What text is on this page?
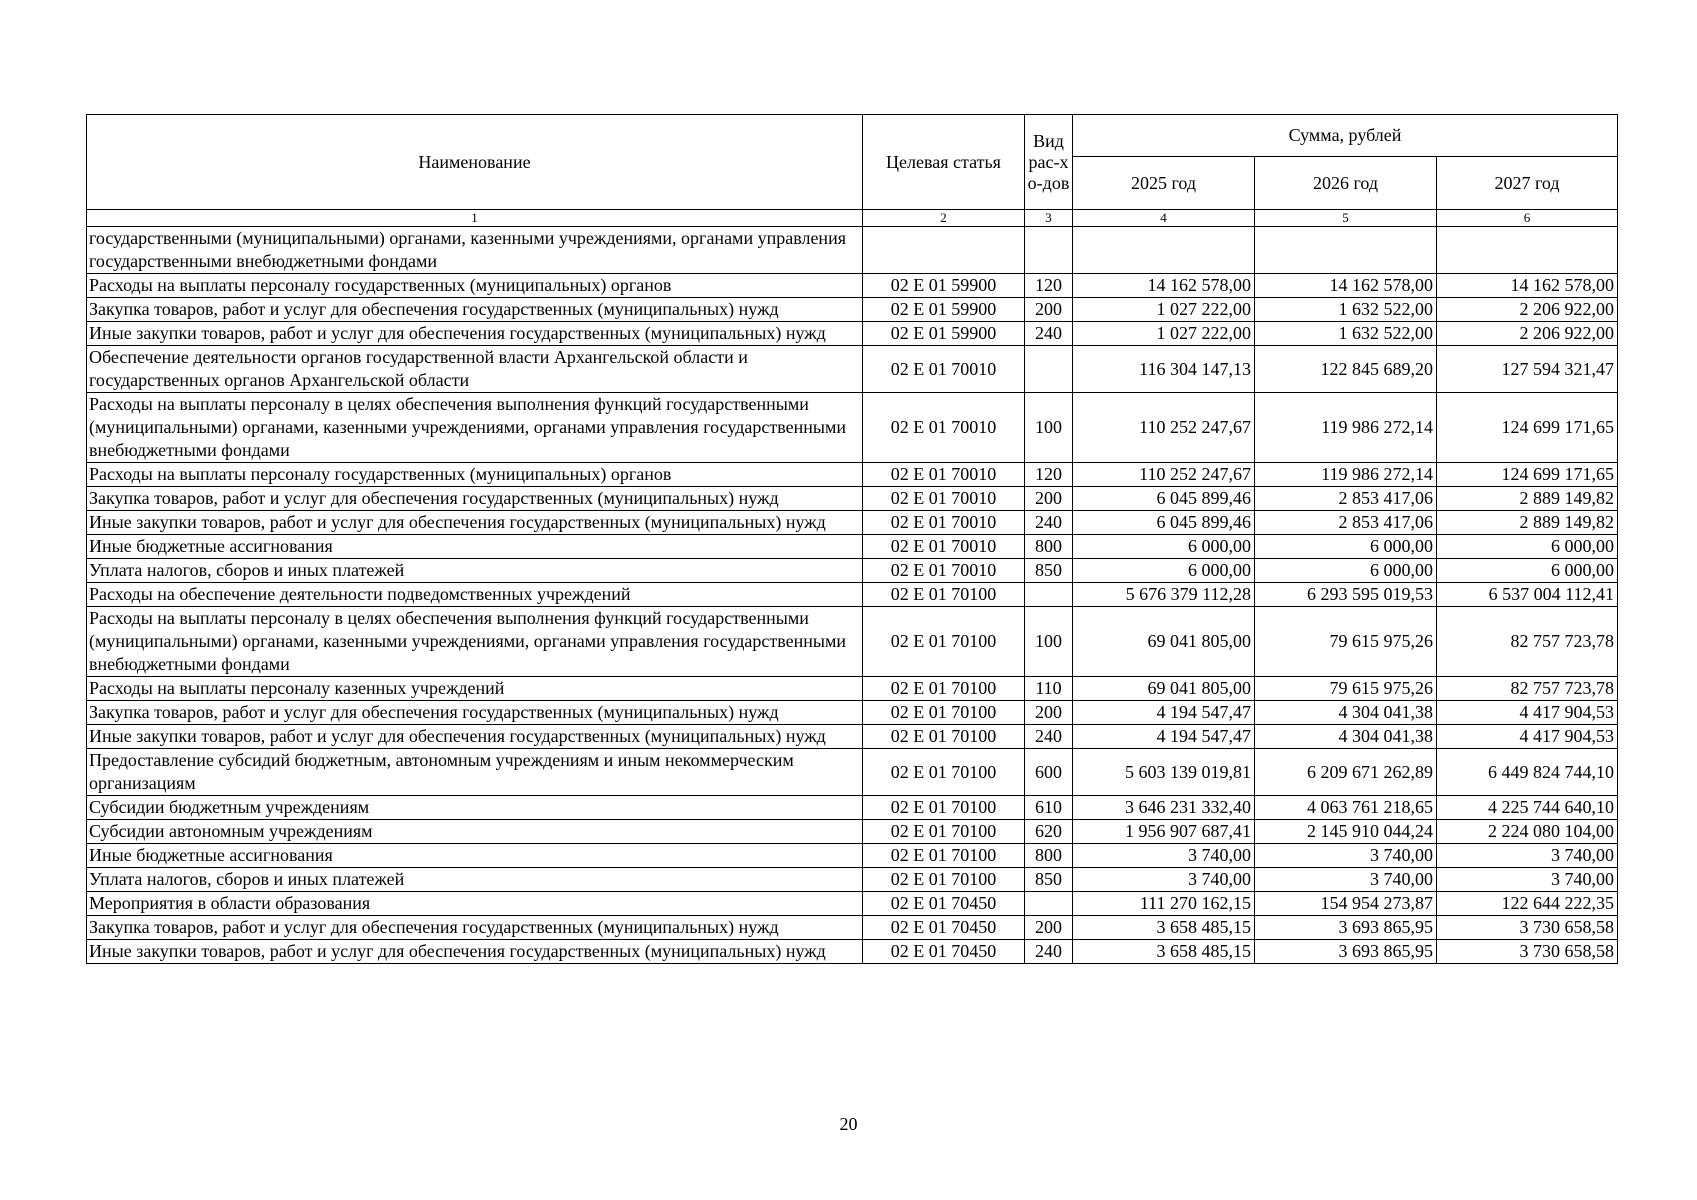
Наименование	Целевая статья	Вид рас-хо-дов	Сумма, рублей		
			2025 год	2026 год	2027 год
1	2	3	4	5	6
государственными (муниципальными) органами, казенными учреждениями, органами управления государственными внебюджетными фондами					
Расходы на выплаты персоналу государственных (муниципальных) органов	02 Е 01 59900	120	14 162 578,00	14 162 578,00	14 162 578,00
Закупка товаров, работ и услуг для обеспечения государственных (муниципальных) нужд	02 Е 01 59900	200	1 027 222,00	1 632 522,00	2 206 922,00
Иные закупки товаров, работ и услуг для обеспечения государственных (муниципальных) нужд	02 Е 01 59900	240	1 027 222,00	1 632 522,00	2 206 922,00
Обеспечение деятельности органов государственной власти Архангельской области и государственных органов Архангельской области	02 Е 01 70010		116 304 147,13	122 845 689,20	127 594 321,47
Расходы на выплаты персоналу в целях обеспечения выполнения функций государственными (муниципальными) органами, казенными учреждениями, органами управления государственными внебюджетными фондами	02 Е 01 70010	100	110 252 247,67	119 986 272,14	124 699 171,65
Расходы на выплаты персоналу государственных (муниципальных) органов	02 Е 01 70010	120	110 252 247,67	119 986 272,14	124 699 171,65
Закупка товаров, работ и услуг для обеспечения государственных (муниципальных) нужд	02 Е 01 70010	200	6 045 899,46	2 853 417,06	2 889 149,82
Иные закупки товаров, работ и услуг для обеспечения государственных (муниципальных) нужд	02 Е 01 70010	240	6 045 899,46	2 853 417,06	2 889 149,82
Иные бюджетные ассигнования	02 Е 01 70010	800	6 000,00	6 000,00	6 000,00
Уплата налогов, сборов и иных платежей	02 Е 01 70010	850	6 000,00	6 000,00	6 000,00
Расходы на обеспечение деятельности подведомственных учреждений	02 Е 01 70100		5 676 379 112,28	6 293 595 019,53	6 537 004 112,41
Расходы на выплаты персоналу в целях обеспечения выполнения функций государственными (муниципальными) органами, казенными учреждениями, органами управления государственными внебюджетными фондами	02 Е 01 70100	100	69 041 805,00	79 615 975,26	82 757 723,78
Расходы на выплаты персоналу казенных учреждений	02 Е 01 70100	110	69 041 805,00	79 615 975,26	82 757 723,78
Закупка товаров, работ и услуг для обеспечения государственных (муниципальных) нужд	02 Е 01 70100	200	4 194 547,47	4 304 041,38	4 417 904,53
Иные закупки товаров, работ и услуг для обеспечения государственных (муниципальных) нужд	02 Е 01 70100	240	4 194 547,47	4 304 041,38	4 417 904,53
Предоставление субсидий бюджетным, автономным учреждениям и иным некоммерческим организациям	02 Е 01 70100	600	5 603 139 019,81	6 209 671 262,89	6 449 824 744,10
Субсидии бюджетным учреждениям	02 Е 01 70100	610	3 646 231 332,40	4 063 761 218,65	4 225 744 640,10
Субсидии автономным учреждениям	02 Е 01 70100	620	1 956 907 687,41	2 145 910 044,24	2 224 080 104,00
Иные бюджетные ассигнования	02 Е 01 70100	800	3 740,00	3 740,00	3 740,00
Уплата налогов, сборов и иных платежей	02 Е 01 70100	850	3 740,00	3 740,00	3 740,00
Мероприятия в области образования	02 Е 01 70450		111 270 162,15	154 954 273,87	122 644 222,35
Закупка товаров, работ и услуг для обеспечения государственных (муниципальных) нужд	02 Е 01 70450	200	3 658 485,15	3 693 865,95	3 730 658,58
Иные закупки товаров, работ и услуг для обеспечения государственных (муниципальных) нужд	02 Е 01 70450	240	3 658 485,15	3 693 865,95	3 730 658,58
20
